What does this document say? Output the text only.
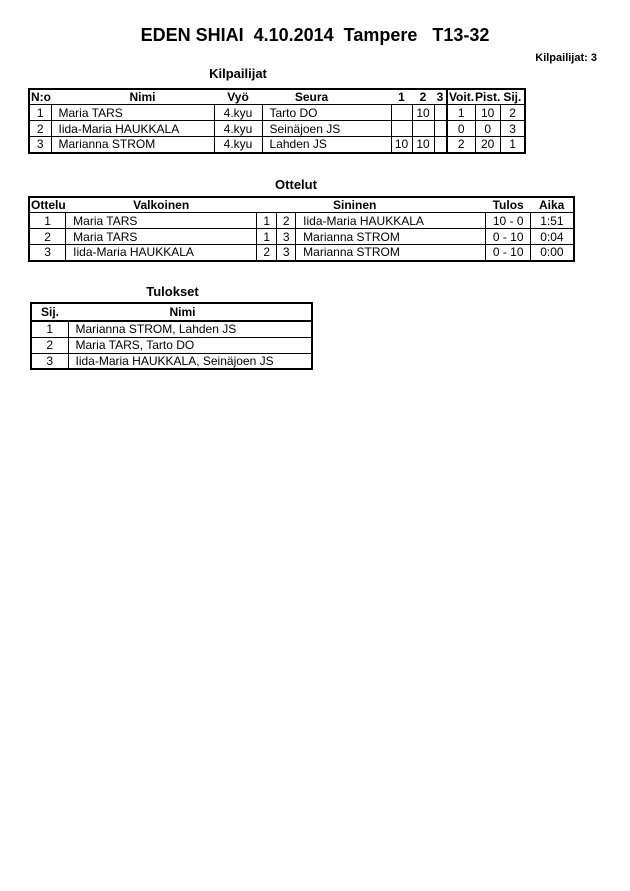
EDEN SHIAI  4.10.2014  Tampere   T13-32
Kilpailijat: 3
Kilpailijat
N:o	Nimi	Vyö	Seura	1	2	3	Voit.	Pist.	Sij.
1	Maria TARS	4.kyu	Tarto DO		10		1	10	2
2	Iida-Maria HAUKKALA	4.kyu	Seinäjoen JS				0	0	3
3	Marianna STROM	4.kyu	Lahden JS	10	10		2	20	1
Ottelut
Ottelu	Valkoinen			Sininen	Tulos	Aika
1	Maria TARS	1	2	Iida-Maria HAUKKALA	10 - 0	1:51
2	Maria TARS	1	3	Marianna STROM	0 - 10	0:04
3	Iida-Maria HAUKKALA	2	3	Marianna STROM	0 - 10	0:00
Tulokset
Sij.	Nimi
1	Marianna STROM, Lahden JS
2	Maria TARS, Tarto DO
3	Iida-Maria HAUKKALA, Seinäjoen JS
